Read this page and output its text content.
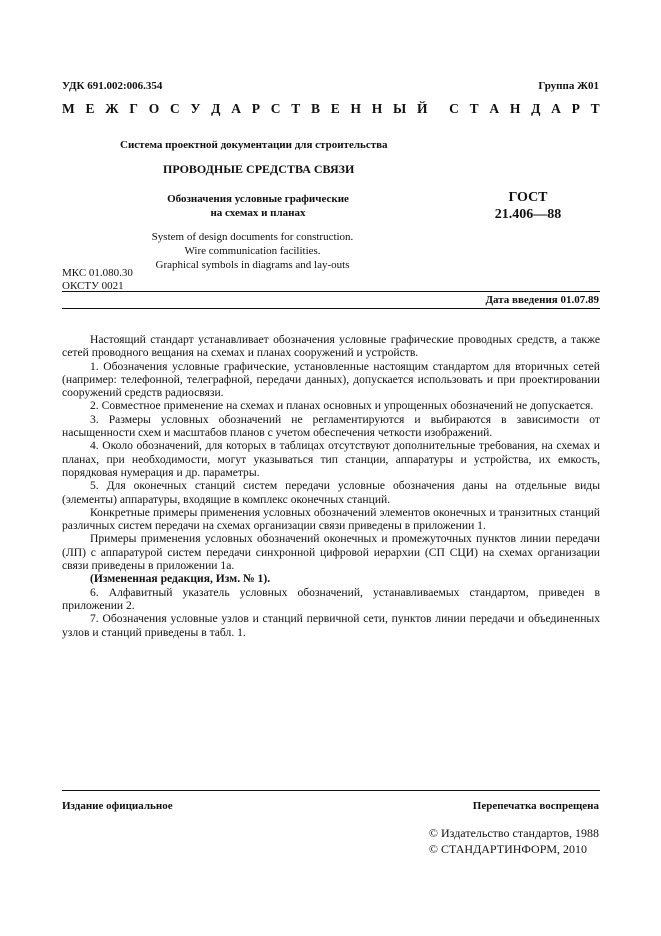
УДК 691.002:006.354	Группа Ж01
М Е Ж Г О С У Д А Р С Т В Е Н Н Ы Й С Т А Н Д А Р Т
Система проектной документации для строительства
ПРОВОДНЫЕ СРЕДСТВА СВЯЗИ
Обозначения условные графические
на схемах и планах
ГОСТ
21.406—88
System of design documents for construction.
Wire communication facilities.
Graphical symbols in diagrams and lay-outs
МКС 01.080.30
ОКСТУ 0021
Дата введения 01.07.89

Настоящий стандарт устанавливает обозначения условные графические проводных средств, а также сетей проводного вещания на схемах и планах сооружений и устройств.

1. Обозначения условные графические, установленные настоящим стандартом для вторичных сетей (например: телефонной, телеграфной, передачи данных), допускается использовать и при проектировании сооружений средств радиосвязи.

2. Совместное применение на схемах и планах основных и упрощенных обозначений не допускается.

3. Размеры условных обозначений не регламентируются и выбираются в зависимости от насыщенности схем и масштабов планов с учетом обеспечения четкости изображений.

4. Около обозначений, для которых в таблицах отсутствуют дополнительные требования, на схемах и планах, при необходимости, могут указываться тип станции, аппаратуры и устройства, их емкость, порядковая нумерация и др. параметры.

5. Для оконечных станций систем передачи условные обозначения даны на отдельные виды (элементы) аппаратуры, входящие в комплекс оконечных станций.

Конкретные примеры применения условных обозначений элементов оконечных и транзитных станций различных систем передачи на схемах организации связи приведены в приложении 1.

Примеры применения условных обозначений оконечных и промежуточных пунктов линии передачи (ЛП) с аппаратурой систем передачи синхронной цифровой иерархии (СП СЦИ) на схемах организации связи приведены в приложении 1а.

(Измененная редакция, Изм. № 1).

6. Алфавитный указатель условных обозначений, устанавливаемых стандартом, приведен в приложении 2.

7. Обозначения условные узлов и станций первичной сети, пунктов линии передачи и объединенных узлов и станций приведены в табл. 1.

Издание официальное	Перепечатка воспрещена
© Издательство стандартов, 1988
© СТАНДАРТИНФОРМ, 2010
